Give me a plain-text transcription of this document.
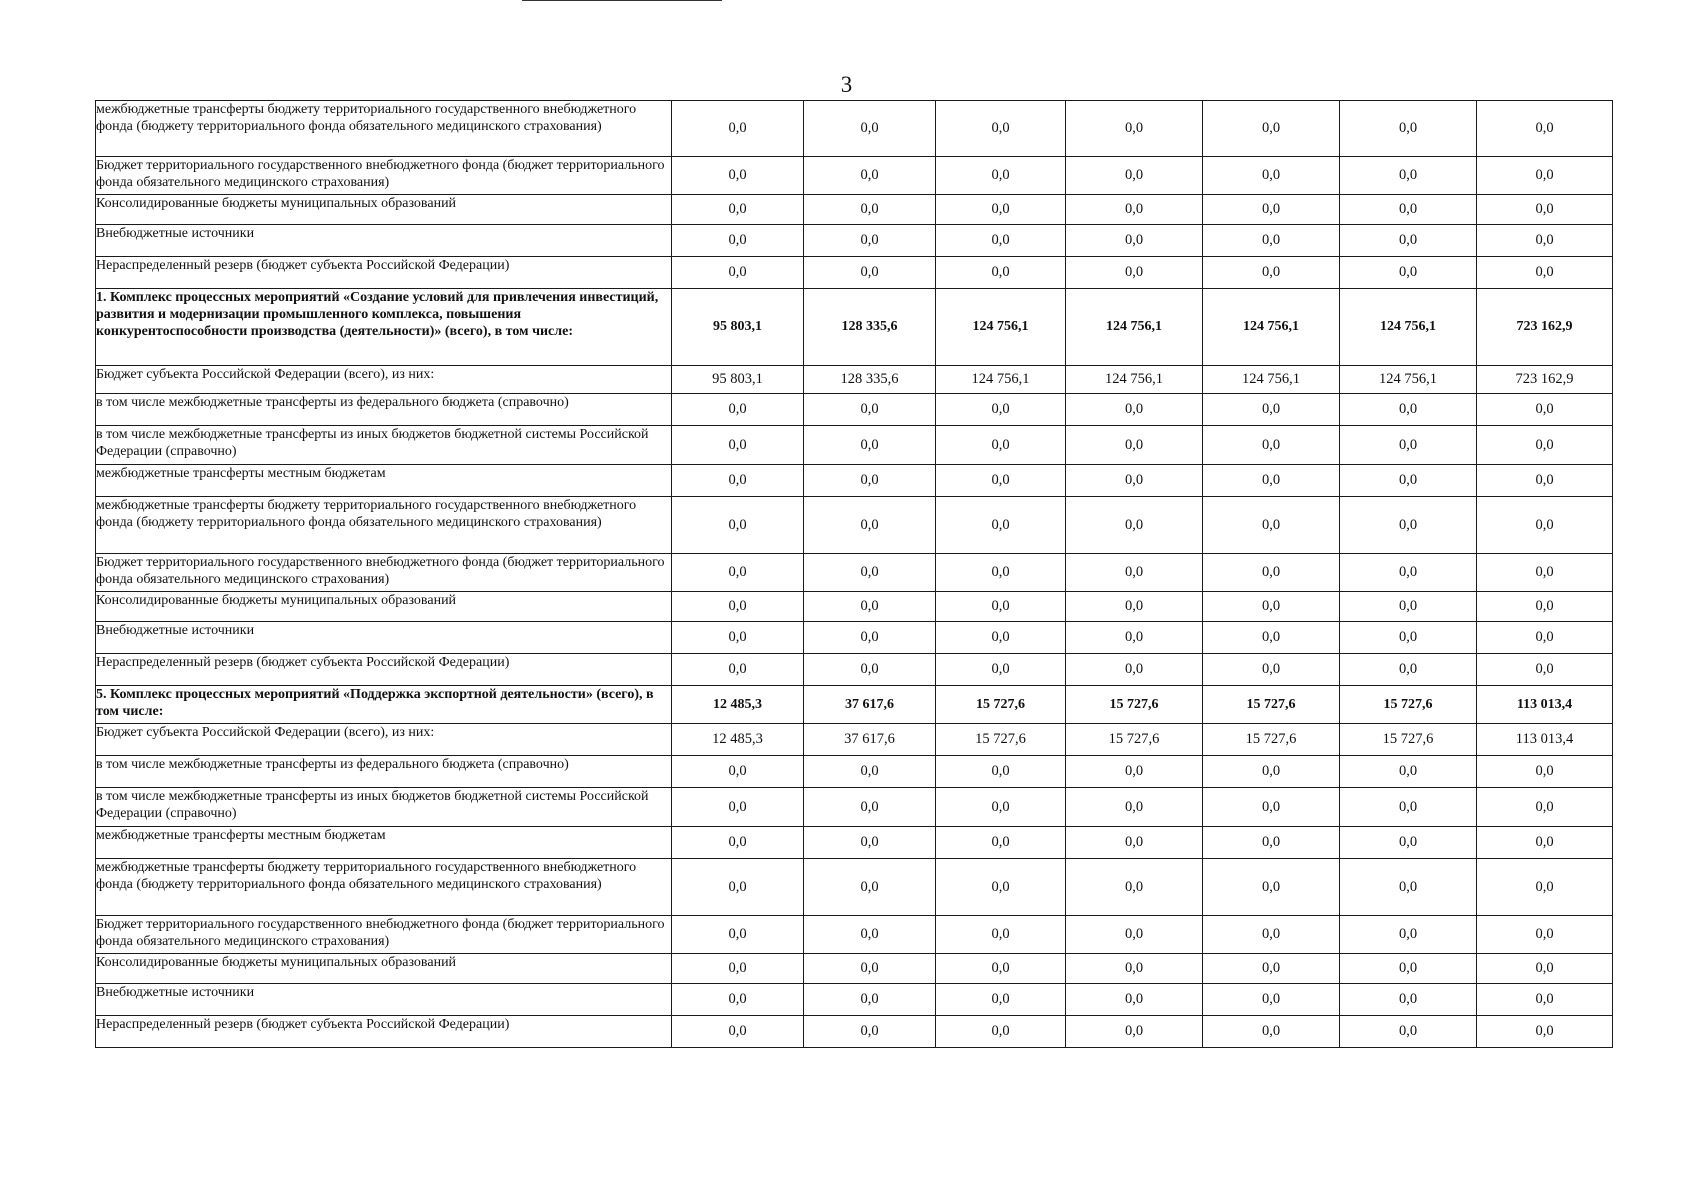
3
межбюджетные трансферты бюджету территориального государственного внебюджетного фонда (бюджету территориального фонда обязательного медицинского страхования)	0,0	0,0	0,0	0,0	0,0	0,0	0,0
Бюджет территориального государственного внебюджетного фонда (бюджет территориального фонда обязательного медицинского страхования)	0,0	0,0	0,0	0,0	0,0	0,0	0,0
Консолидированные бюджеты муниципальных образований	0,0	0,0	0,0	0,0	0,0	0,0	0,0
Внебюджетные источники	0,0	0,0	0,0	0,0	0,0	0,0	0,0
Нераспределенный резерв (бюджет субъекта Российской Федерации)	0,0	0,0	0,0	0,0	0,0	0,0	0,0
1. Комплекс процессных мероприятий «Создание условий для привлечения инвестиций, развития и модернизации промышленного комплекса, повышения конкурентоспособности производства (деятельности)» (всего), в том числе:	95 803,1	128 335,6	124 756,1	124 756,1	124 756,1	124 756,1	723 162,9
Бюджет субъекта Российской Федерации (всего), из них:	95 803,1	128 335,6	124 756,1	124 756,1	124 756,1	124 756,1	723 162,9
в том числе межбюджетные трансферты из федерального бюджета (справочно)	0,0	0,0	0,0	0,0	0,0	0,0	0,0
в том числе межбюджетные трансферты из иных бюджетов бюджетной системы Российской Федерации (справочно)	0,0	0,0	0,0	0,0	0,0	0,0	0,0
межбюджетные трансферты местным бюджетам	0,0	0,0	0,0	0,0	0,0	0,0	0,0
межбюджетные трансферты бюджету территориального государственного внебюджетного фонда (бюджету территориального фонда обязательного медицинского страхования)	0,0	0,0	0,0	0,0	0,0	0,0	0,0
Бюджет территориального государственного внебюджетного фонда (бюджет территориального фонда обязательного медицинского страхования)	0,0	0,0	0,0	0,0	0,0	0,0	0,0
Консолидированные бюджеты муниципальных образований	0,0	0,0	0,0	0,0	0,0	0,0	0,0
Внебюджетные источники	0,0	0,0	0,0	0,0	0,0	0,0	0,0
Нераспределенный резерв (бюджет субъекта Российской Федерации)	0,0	0,0	0,0	0,0	0,0	0,0	0,0
5. Комплекс процессных мероприятий «Поддержка экспортной деятельности» (всего), в том числе:	12 485,3	37 617,6	15 727,6	15 727,6	15 727,6	15 727,6	113 013,4
Бюджет субъекта Российской Федерации (всего), из них:	12 485,3	37 617,6	15 727,6	15 727,6	15 727,6	15 727,6	113 013,4
в том числе межбюджетные трансферты из федерального бюджета (справочно)	0,0	0,0	0,0	0,0	0,0	0,0	0,0
в том числе межбюджетные трансферты из иных бюджетов бюджетной системы Российской Федерации (справочно)	0,0	0,0	0,0	0,0	0,0	0,0	0,0
межбюджетные трансферты местным бюджетам	0,0	0,0	0,0	0,0	0,0	0,0	0,0
межбюджетные трансферты бюджету территориального государственного внебюджетного фонда (бюджету территориального фонда обязательного медицинского страхования)	0,0	0,0	0,0	0,0	0,0	0,0	0,0
Бюджет территориального государственного внебюджетного фонда (бюджет территориального фонда обязательного медицинского страхования)	0,0	0,0	0,0	0,0	0,0	0,0	0,0
Консолидированные бюджеты муниципальных образований	0,0	0,0	0,0	0,0	0,0	0,0	0,0
Внебюджетные источники	0,0	0,0	0,0	0,0	0,0	0,0	0,0
Нераспределенный резерв (бюджет субъекта Российской Федерации)	0,0	0,0	0,0	0,0	0,0	0,0	0,0
